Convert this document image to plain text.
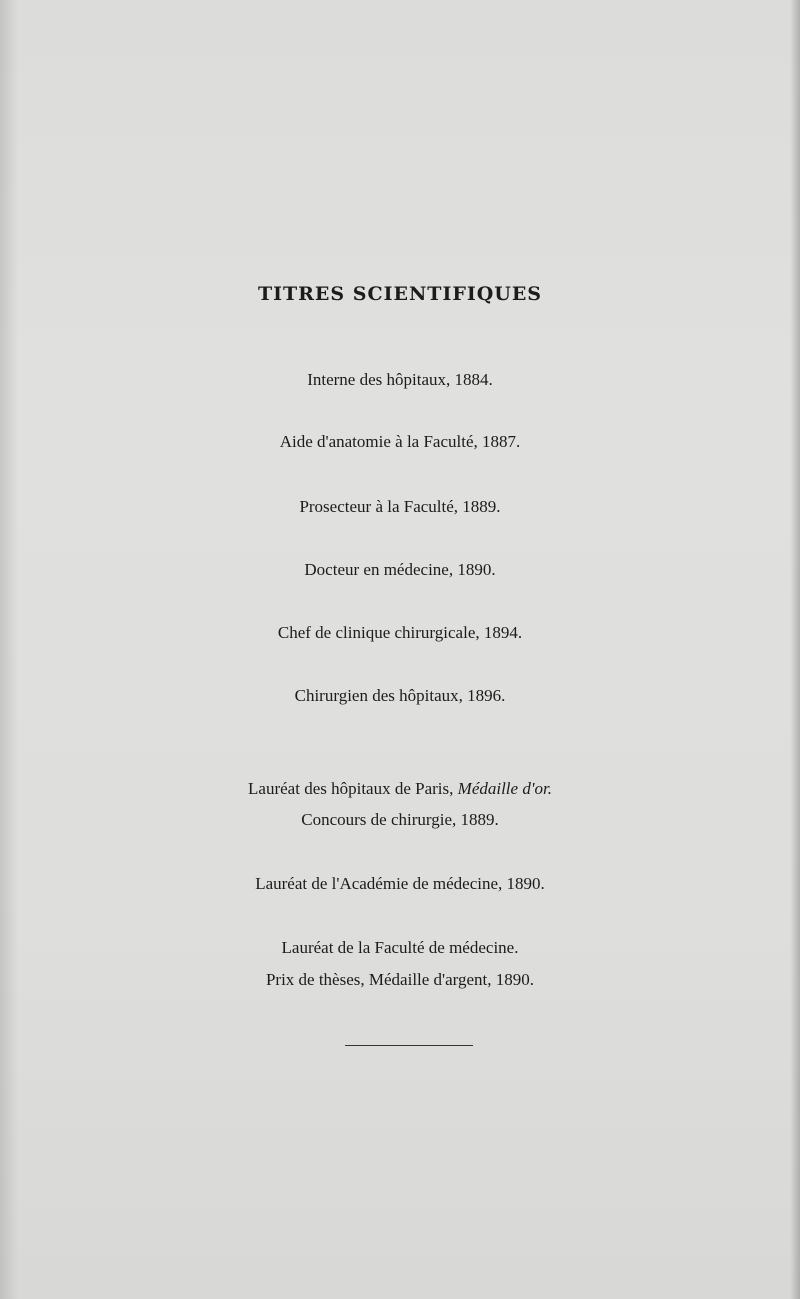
TITRES SCIENTIFIQUES
Interne des hôpitaux, 1884.
Aide d'anatomie à la Faculté, 1887.
Prosecteur à la Faculté, 1889.
Docteur en médecine, 1890.
Chef de clinique chirurgicale, 1894.
Chirurgien des hôpitaux, 1896.
Lauréat des hôpitaux de Paris, Médaille d'or.
Concours de chirurgie, 1889.
Lauréat de l'Académie de médecine, 1890.
Lauréat de la Faculté de médecine.
Prix de thèses, Médaille d'argent, 1890.
